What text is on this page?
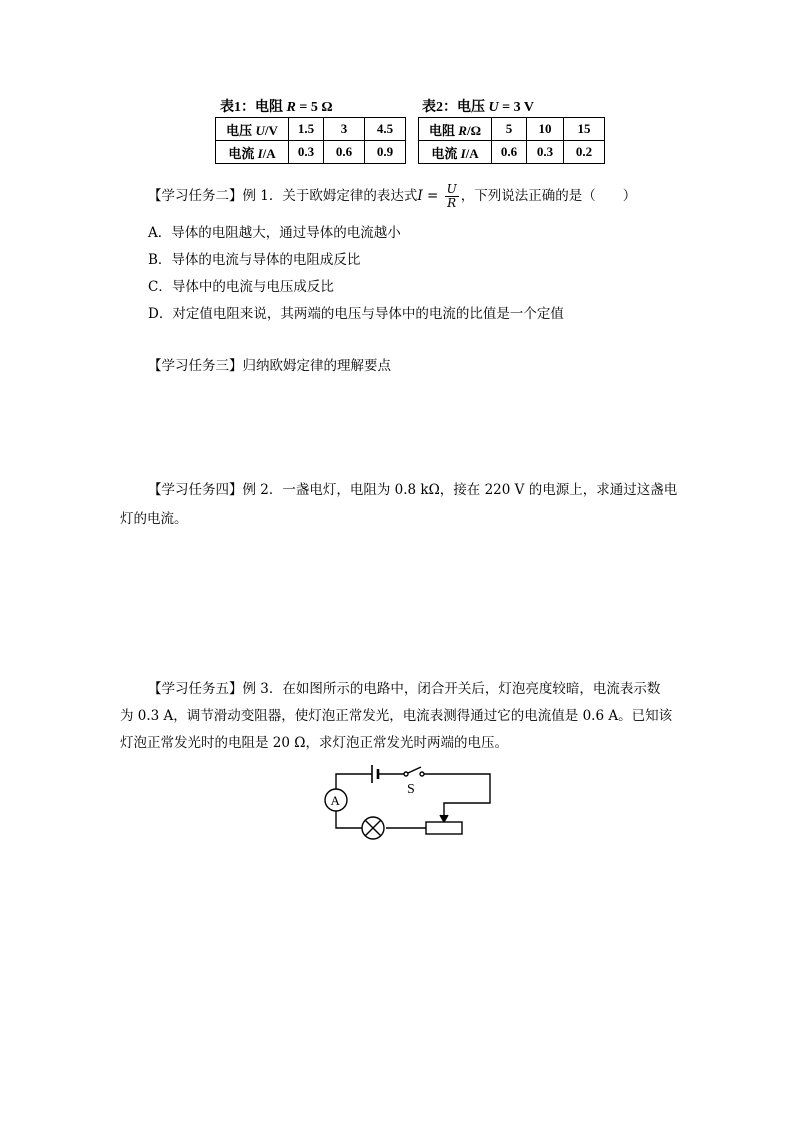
表1：电阻 R = 5 Ω
电压 U/V	1.5	3	4.5
电流 I/A	0.3	0.6	0.9
表2：电压 U = 3 V
电阻 R/Ω	5	10	15
电流 I/A	0.6	0.3	0.2
【学习任务二】例 1．关于欧姆定律的表达式$I = \frac{U}{R}$ ，下列说法正确的是（　　）
A．导体的电阻越大，通过导体的电流越小
B．导体的电流与导体的电阻成反比
C．导体中的电流与电压成反比
D．对定值电阻来说，其两端的电压与导体中的电流的比值是一个定值
【学习任务三】归纳欧姆定律的理解要点
【学习任务四】例 2．一盏电灯，电阻为 0.8 kΩ，接在 220 V 的电源上，求通过这盏电
灯的电流。
【学习任务五】例 3．在如图所示的电路中，闭合开关后，灯泡亮度较暗，电流表示数
为 0.3 A，调节滑动变阻器，使灯泡正常发光，电流表测得通过它的电流值是 0.6 A。已知该
灯泡正常发光时的电阻是 20 Ω，求灯泡正常发光时两端的电压。
S
A
